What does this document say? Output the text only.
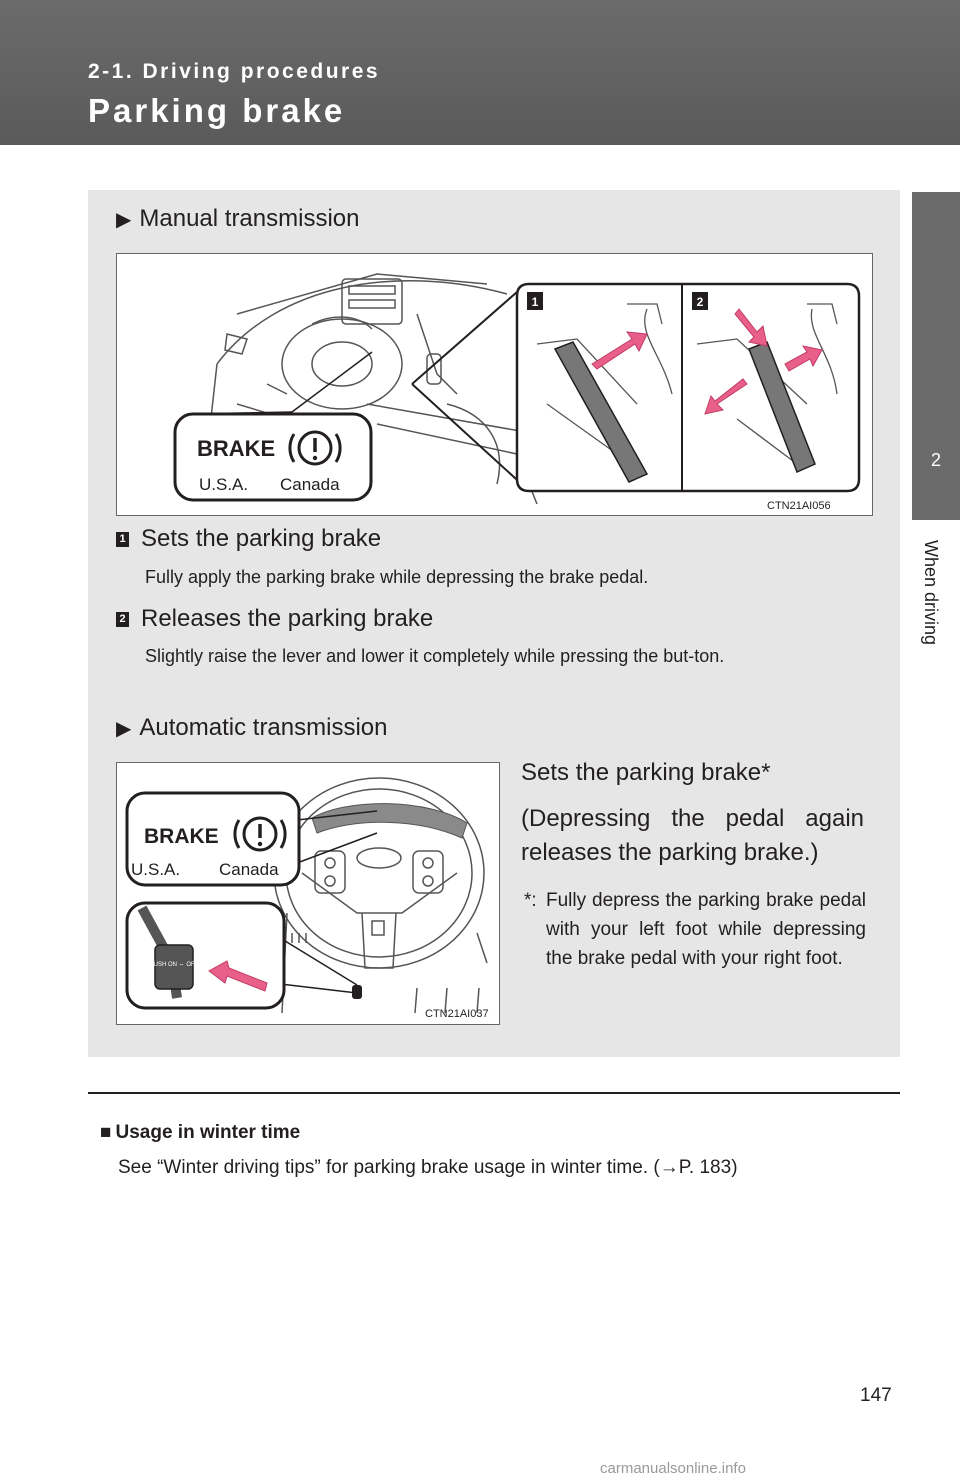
2-1. Driving procedures
Parking brake
2
When driving
▶ Manual transmission
BRAKE
U.S.A. Canada
1	2
CTN21AI056
1 Sets the parking brake
Fully apply the parking brake while depressing the brake pedal.
2 Releases the parking brake
Slightly raise the lever and lower it completely while pressing the but-ton.
▶ Automatic transmission
BRAKE
U.S.A. Canada
PUSH ON ⇔ OFF
CTN21AI037
Sets the parking brake*
(Depressing the pedal again releases the parking brake.)
*: Fully depress the parking brake pedal with your left foot while depressing the brake pedal with your right foot.
■ Usage in winter time
See “Winter driving tips” for parking brake usage in winter time. (→P. 183)
147
carmanualsonline.info
